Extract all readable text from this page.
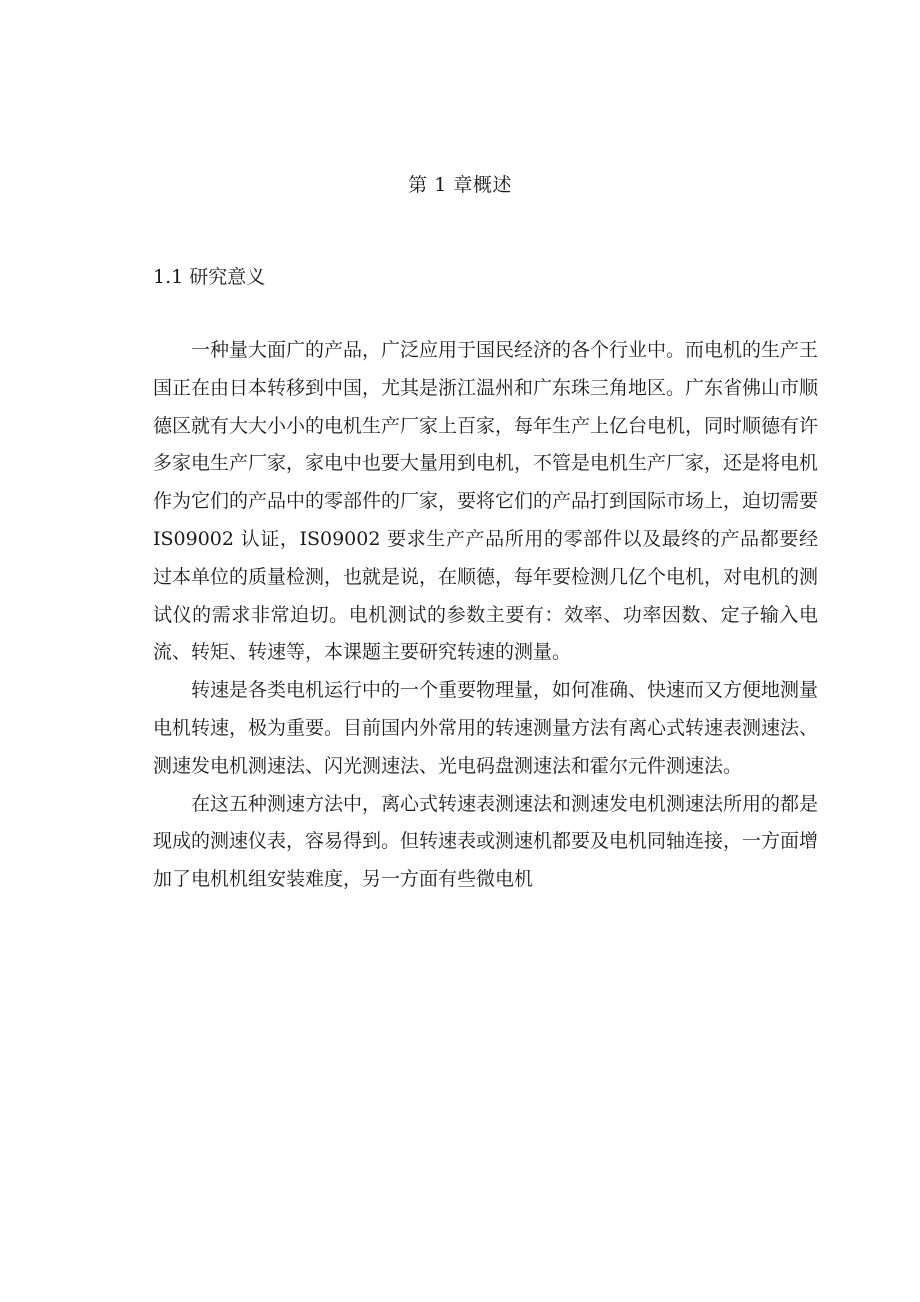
第 1 章概述
1.1 研究意义

一种量大面广的产品，广泛应用于国民经济的各个行业中。而电机的生产王国正在由日本转移到中国，尤其是浙江温州和广东珠三角地区。广东省佛山市顺德区就有大大小小的电机生产厂家上百家，每年生产上亿台电机，同时顺德有许多家电生产厂家，家电中也要大量用到电机，不管是电机生产厂家，还是将电机作为它们的产品中的零部件的厂家，要将它们的产品打到国际市场上，迫切需要 IS09002 认证，IS09002 要求生产产品所用的零部件以及最终的产品都要经过本单位的质量检测，也就是说，在顺德，每年要检测几亿个电机，对电机的测试仪的需求非常迫切。电机测试的参数主要有：效率、功率因数、定子输入电流、转矩、转速等，本课题主要研究转速的测量。

转速是各类电机运行中的一个重要物理量，如何准确、快速而又方便地测量电机转速，极为重要。目前国内外常用的转速测量方法有离心式转速表测速法、测速发电机测速法、闪光测速法、光电码盘测速法和霍尔元件测速法。

在这五种测速方法中，离心式转速表测速法和测速发电机测速法所用的都是现成的测速仪表，容易得到。但转速表或测速机都要及电机同轴连接，一方面增加了电机机组安装难度，另一方面有些微电机
